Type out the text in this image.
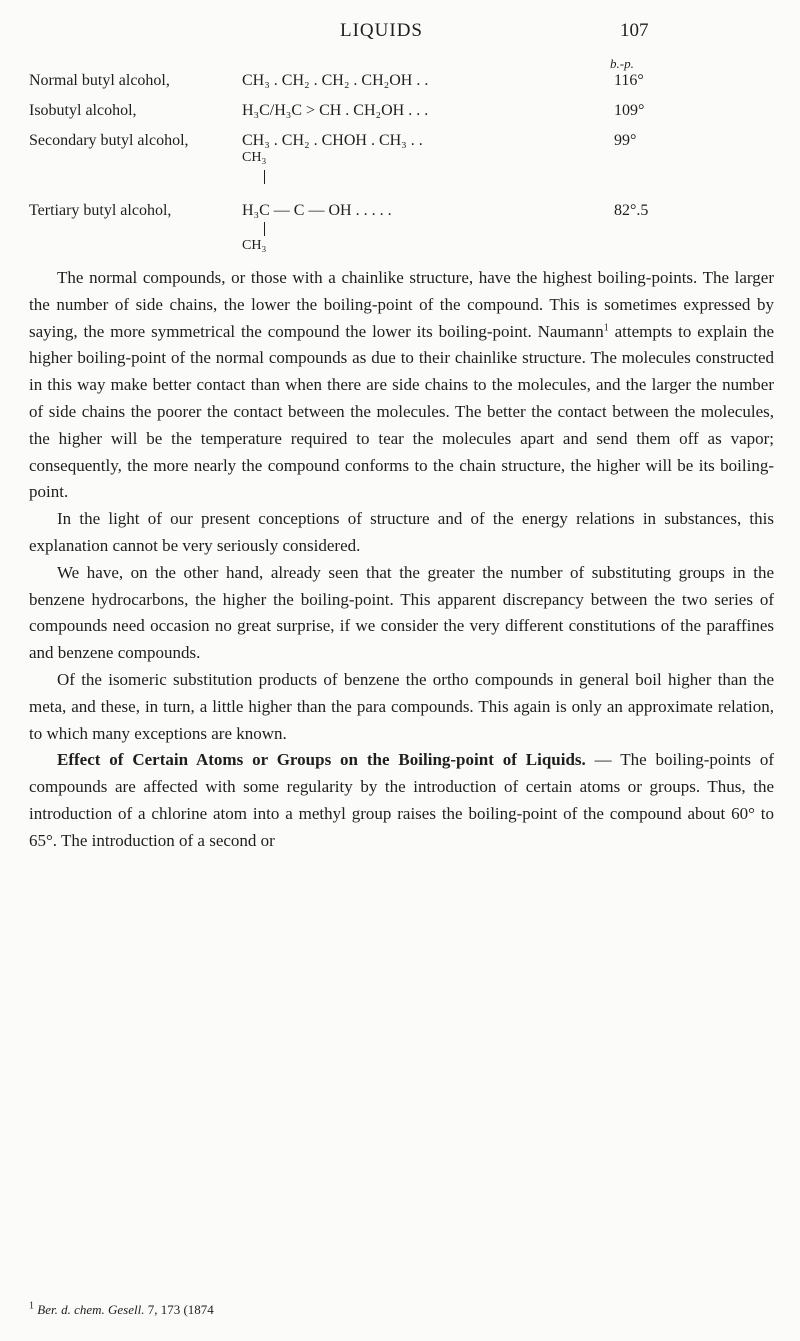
LIQUIDS	107
b.-p.
Normal butyl alcohol,	CH₃ . CH₂ . CH₂ . CH₂OH . .	116°
Isobutyl alcohol,	H₃C/H₃C > CH . CH₂OH . . .	109°
Secondary butyl alcohol,	CH₃ . CH₂ . CHOH . CH₃ . .	99°
CH₃
CH₃
Tertiary butyl alcohol,	H₃C — C — OH . . . . .	82°.5

The normal compounds, or those with a chainlike structure, have the highest boiling-points. The larger the number of side chains, the lower the boiling-point of the compound. This is sometimes expressed by saying, the more symmetrical the compound the lower its boiling-point. Naumann$^1$ attempts to explain the higher boiling-point of the normal compounds as due to their chainlike structure. The molecules constructed in this way make better contact than when there are side chains to the molecules, and the larger the number of side chains the poorer the contact between the molecules. The better the contact between the molecules, the higher will be the temperature required to tear the molecules apart and send them off as vapor; consequently, the more nearly the compound conforms to the chain structure, the higher will be its boiling-point.

In the light of our present conceptions of structure and of the energy relations in substances, this explanation cannot be very seriously considered.

We have, on the other hand, already seen that the greater the number of substituting groups in the benzene hydrocarbons, the higher the boiling-point. This apparent discrepancy between the two series of compounds need occasion no great surprise, if we consider the very different constitutions of the paraffines and benzene compounds.

Of the isomeric substitution products of benzene the ortho compounds in general boil higher than the meta, and these, in turn, a little higher than the para compounds. This again is only an approximate relation, to which many exceptions are known.

Effect of Certain Atoms or Groups on the Boiling-point of Liquids. — The boiling-points of compounds are affected with some regularity by the introduction of certain atoms or groups. Thus, the introduction of a chlorine atom into a methyl group raises the boiling-point of the compound about 60° to 65°. The introduction of a second or

$^1$ Ber. d. chem. Gesell. 7, 173 (1874
